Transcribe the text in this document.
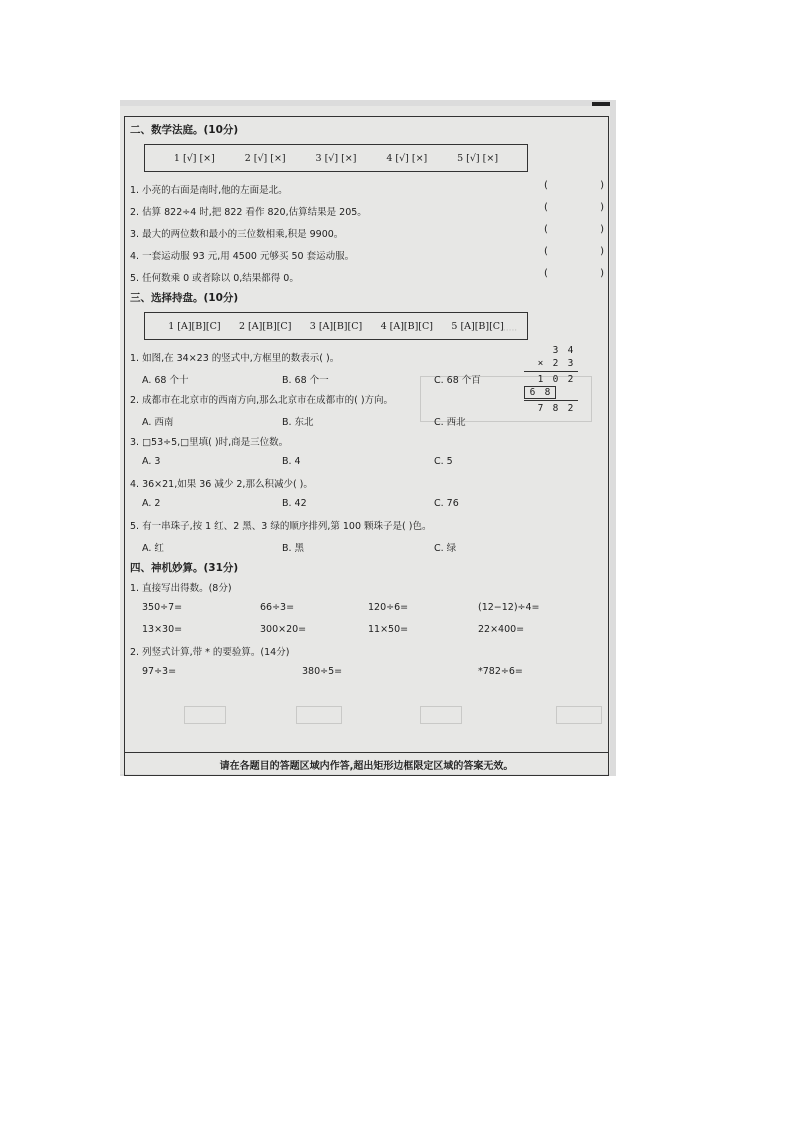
······
二、数学法庭。(10分)
1 [√] [×]	2 [√] [×]	3 [√] [×]	4 [√] [×]	5 [√] [×]
1. 小亮的右面是南时,他的左面是北。	(	)
2. 估算 822÷4 时,把 822 看作 820,估算结果是 205。	(	)
3. 最大的两位数和最小的三位数相乘,积是 9900。	(	)
4. 一套运动服 93 元,用 4500 元够买 50 套运动服。	(	)
5. 任何数乘 0 或者除以 0,结果都得 0。	(	)
三、选择持盘。(10分)
1 [A][B][C] 2 [A][B][C] 3 [A][B][C] 4 [A][B][C] 5 [A][B][C]
3 4
× 2 3
1 0 2
6 8
7 8 2
1. 如图,在 34×23 的竖式中,方框里的数表示( )。
A. 68 个十	B. 68 个一	C. 68 个百
2. 成都市在北京市的西南方向,那么北京市在成都市的( )方向。
A. 西南	B. 东北	C. 西北
3. □53÷5,□里填( )时,商是三位数。
A. 3	B. 4	C. 5
4. 36×21,如果 36 减少 2,那么积减少( )。
A. 2	B. 42	C. 76
5. 有一串珠子,按 1 红、2 黑、3 绿的顺序排列,第 100 颗珠子是( )色。
A. 红	B. 黑	C. 绿
四、神机妙算。(31分)
1. 直接写出得数。(8分)
350÷7=	66÷3=	120÷6=	(12−12)÷4=
13×30=	300×20=	11×50=	22×400=
2. 列竖式计算,带 * 的要验算。(14分)
97÷3=	380÷5=	*782÷6=
请在各题目的答题区域内作答,超出矩形边框限定区域的答案无效。
